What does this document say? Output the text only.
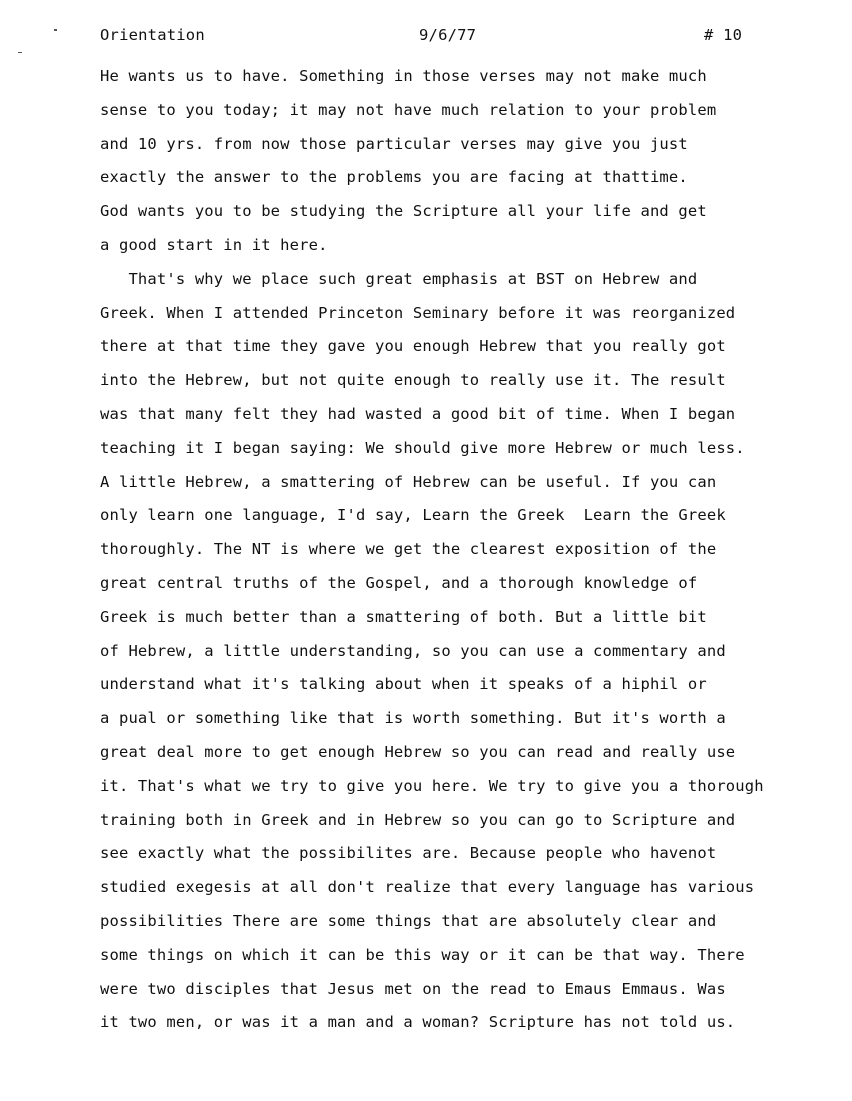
Orientation	9/6/77	# 10
He wants us to have. Something in those verses may not make much
sense to you today; it may not have much relation to your problem
and 10 yrs. from now those particular verses may give you just
exactly the answer to the problems you are facing at thattime.
God wants you to be studying the Scripture all your life and get
a good start in it here.
That's why we place such great emphasis at BST on Hebrew and
Greek. When I attended Princeton Seminary before it was reorganized
there at that time they gave you enough Hebrew that you really got
into the Hebrew, but not quite enough to really use it. The result
was that many felt they had wasted a good bit of time. When I began
teaching it I began saying: We should give more Hebrew or much less.
A little Hebrew, a smattering of Hebrew can be useful. If you can
only learn one language, I'd say, Learn the Greek  Learn the Greek
thoroughly. The NT is where we get the clearest exposition of the
great central truths of the Gospel, and a thorough knowledge of
Greek is much better than a smattering of both. But a little bit
of Hebrew, a little understanding, so you can use a commentary and
understand what it's talking about when it speaks of a hiphil or
a pual or something like that is worth something. But it's worth a
great deal more to get enough Hebrew so you can read and really use
it. That's what we try to give you here. We try to give you a thorough
training both in Greek and in Hebrew so you can go to Scripture and
see exactly what the possibilites are. Because people who havenot
studied exegesis at all don't realize that every language has various
possibilities There are some things that are absolutely clear and
some things on which it can be this way or it can be that way. There
were two disciples that Jesus met on the read to Emaus Emmaus. Was
it two men, or was it a man and a woman? Scripture has not told us.
